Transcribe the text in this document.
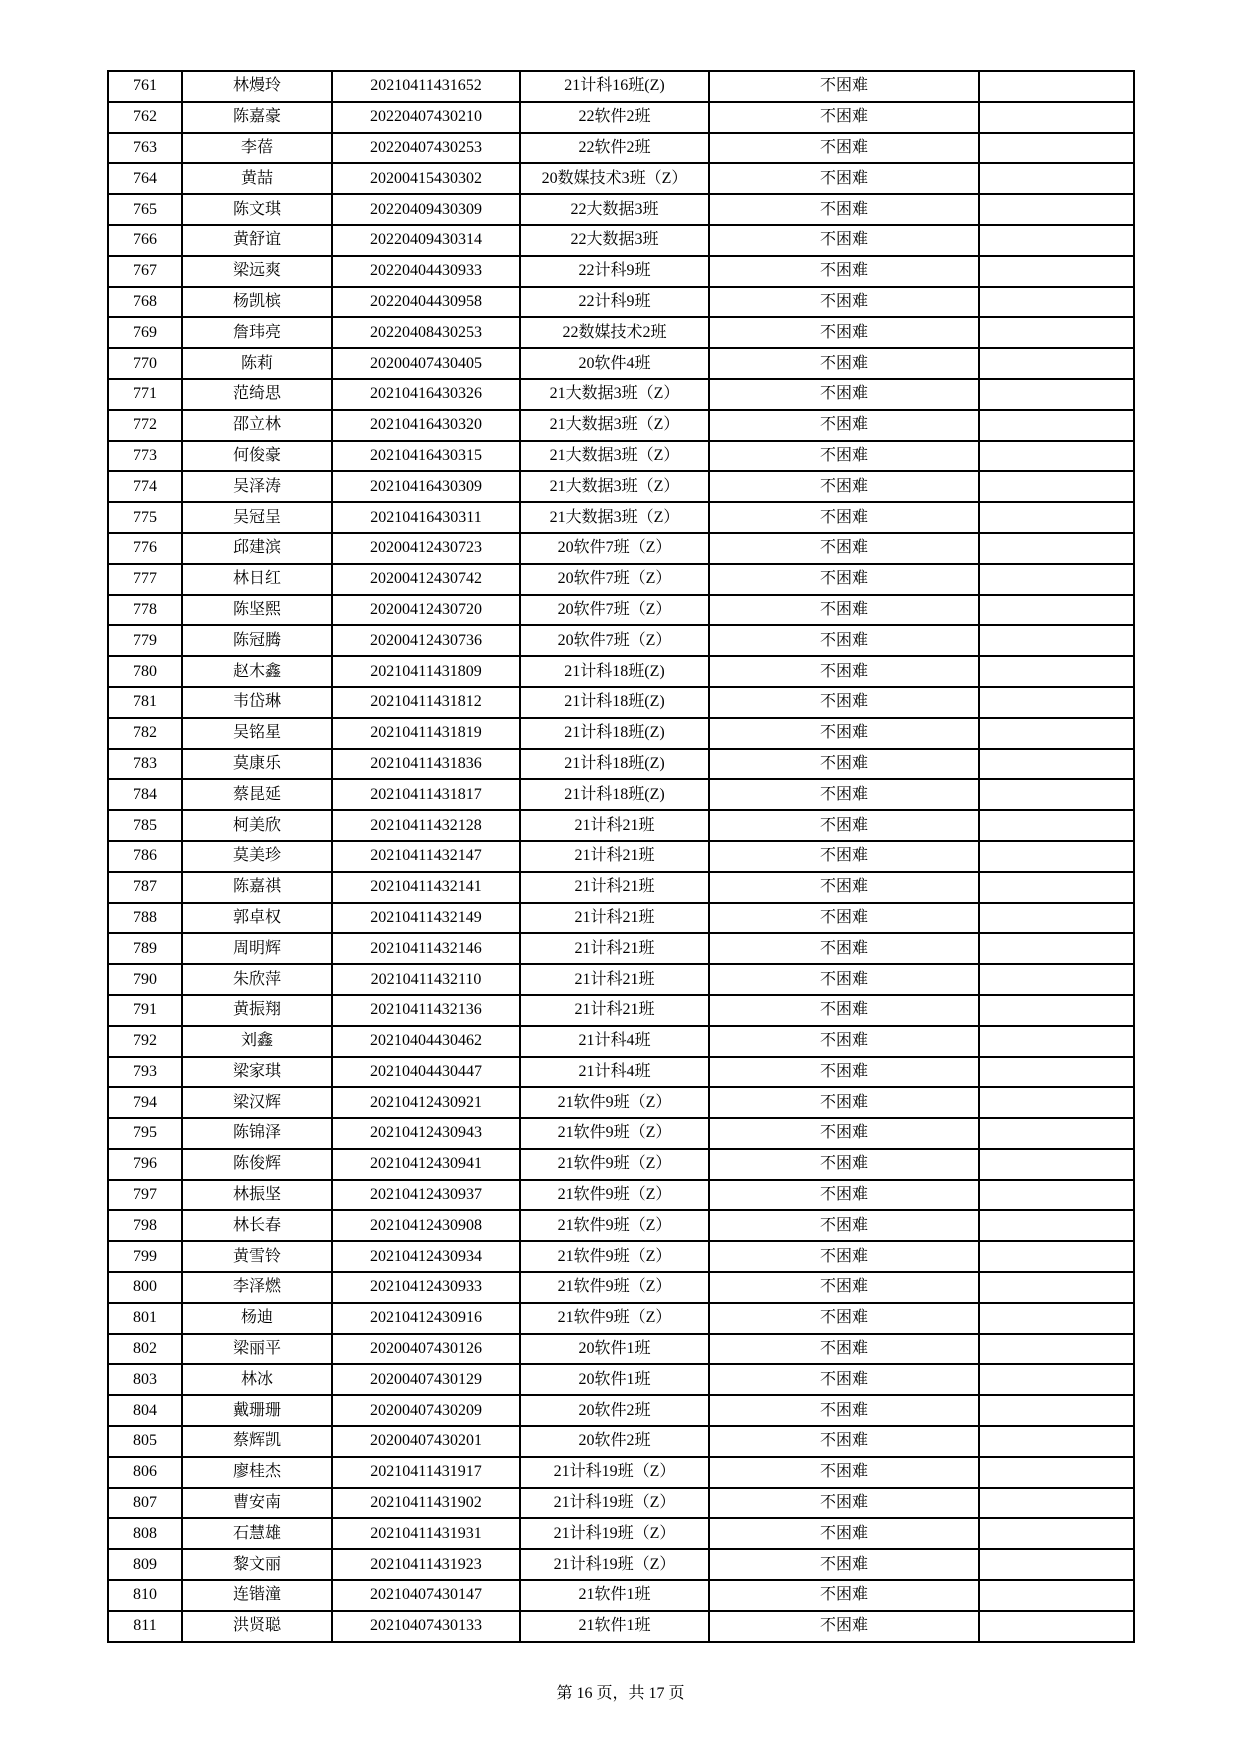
761	林熳玲	20210411431652	21计科16班(Z)	不困难	
762	陈嘉豪	20220407430210	22软件2班	不困难	
763	李蓓	20220407430253	22软件2班	不困难	
764	黄喆	20200415430302	20数媒技术3班（Z）	不困难	
765	陈文琪	20220409430309	22大数据3班	不困难	
766	黄舒谊	20220409430314	22大数据3班	不困难	
767	梁远爽	20220404430933	22计科9班	不困难	
768	杨凯槟	20220404430958	22计科9班	不困难	
769	詹玮亮	20220408430253	22数媒技术2班	不困难	
770	陈莉	20200407430405	20软件4班	不困难	
771	范绮思	20210416430326	21大数据3班（Z）	不困难	
772	邵立林	20210416430320	21大数据3班（Z）	不困难	
773	何俊豪	20210416430315	21大数据3班（Z）	不困难	
774	吴泽涛	20210416430309	21大数据3班（Z）	不困难	
775	吴冠呈	20210416430311	21大数据3班（Z）	不困难	
776	邱建滨	20200412430723	20软件7班（Z）	不困难	
777	林日红	20200412430742	20软件7班（Z）	不困难	
778	陈坚熙	20200412430720	20软件7班（Z）	不困难	
779	陈冠腾	20200412430736	20软件7班（Z）	不困难	
780	赵木鑫	20210411431809	21计科18班(Z)	不困难	
781	韦岱琳	20210411431812	21计科18班(Z)	不困难	
782	吴铭星	20210411431819	21计科18班(Z)	不困难	
783	莫康乐	20210411431836	21计科18班(Z)	不困难	
784	蔡昆延	20210411431817	21计科18班(Z)	不困难	
785	柯美欣	20210411432128	21计科21班	不困难	
786	莫美珍	20210411432147	21计科21班	不困难	
787	陈嘉祺	20210411432141	21计科21班	不困难	
788	郭卓权	20210411432149	21计科21班	不困难	
789	周明辉	20210411432146	21计科21班	不困难	
790	朱欣萍	20210411432110	21计科21班	不困难	
791	黄振翔	20210411432136	21计科21班	不困难	
792	刘鑫	20210404430462	21计科4班	不困难	
793	梁家琪	20210404430447	21计科4班	不困难	
794	梁汉辉	20210412430921	21软件9班（Z）	不困难	
795	陈锦泽	20210412430943	21软件9班（Z）	不困难	
796	陈俊辉	20210412430941	21软件9班（Z）	不困难	
797	林振坚	20210412430937	21软件9班（Z）	不困难	
798	林长春	20210412430908	21软件9班（Z）	不困难	
799	黄雪铃	20210412430934	21软件9班（Z）	不困难	
800	李泽燃	20210412430933	21软件9班（Z）	不困难	
801	杨迪	20210412430916	21软件9班（Z）	不困难	
802	梁丽平	20200407430126	20软件1班	不困难	
803	林冰	20200407430129	20软件1班	不困难	
804	戴珊珊	20200407430209	20软件2班	不困难	
805	蔡辉凯	20200407430201	20软件2班	不困难	
806	廖桂杰	20210411431917	21计科19班（Z）	不困难	
807	曹安南	20210411431902	21计科19班（Z）	不困难	
808	石慧雄	20210411431931	21计科19班（Z）	不困难	
809	黎文丽	20210411431923	21计科19班（Z）	不困难	
810	连锴潼	20210407430147	21软件1班	不困难	
811	洪贤聪	20210407430133	21软件1班	不困难	
第 16 页，共 17 页
